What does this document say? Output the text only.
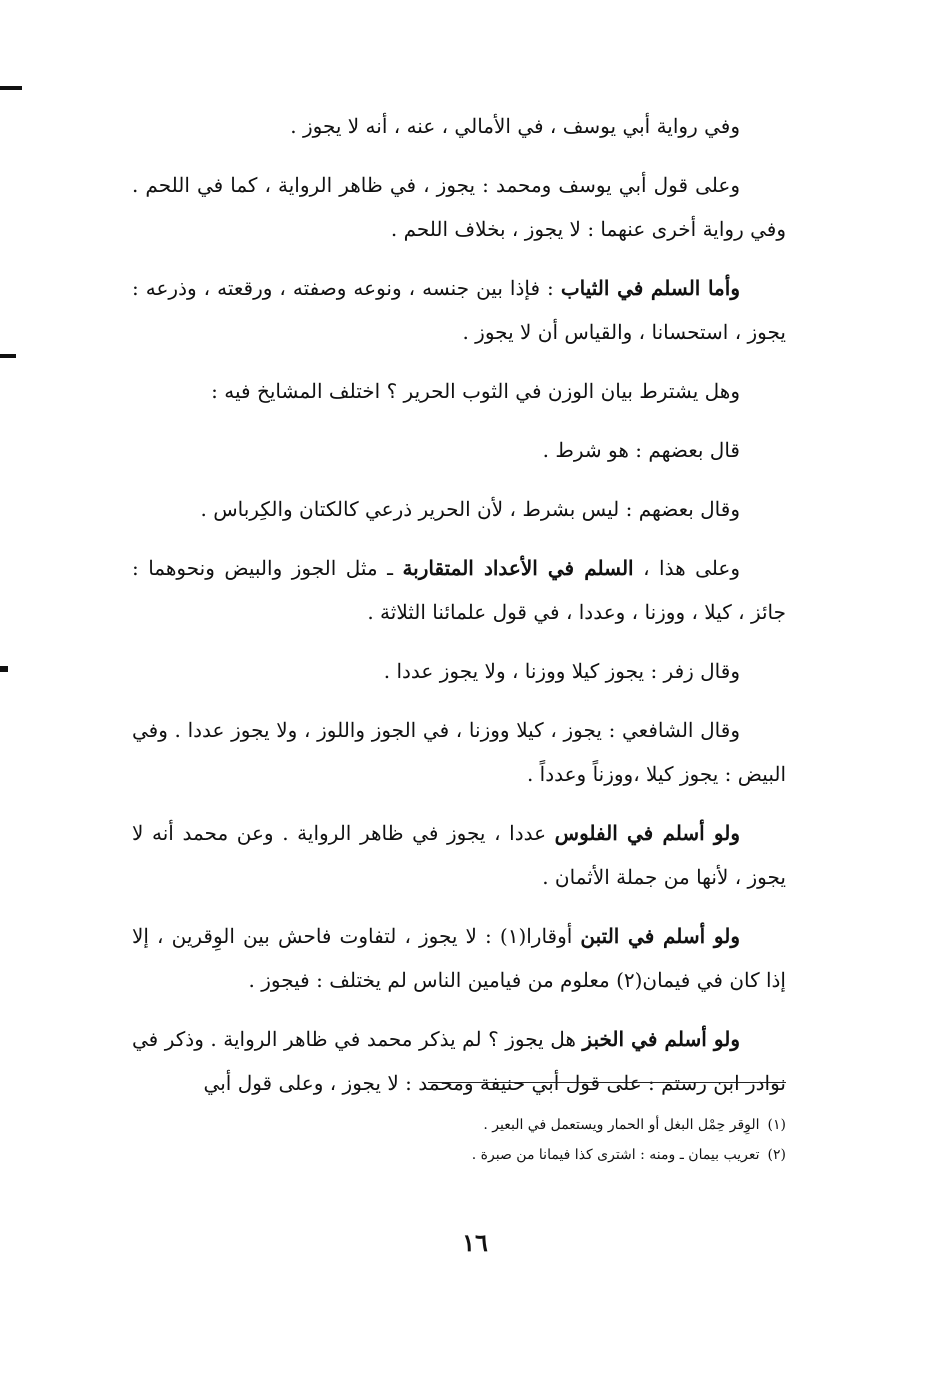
وفي رواية أبي يوسف ، في الأمالي ، عنه ، أنه لا يجوز .

وعلى قول أبي يوسف ومحمد : يجوز ، في ظاهر الرواية ، كما في اللحم . وفي رواية أخرى عنهما : لا يجوز ، بخلاف اللحم .

وأما السلم في الثياب : فإذا بين جنسه ، ونوعه وصفته ، ورقعته ، وذرعه : يجوز ، استحسانا ، والقياس أن لا يجوز .

وهل يشترط بيان الوزن في الثوب الحرير ؟ اختلف المشايخ فيه :

قال بعضهم : هو شرط .

وقال بعضهم : ليس بشرط ، لأن الحرير ذرعي كالكتان والكِرباس .

وعلى هذا ، السلم في الأعداد المتقاربة ـ مثل الجوز والبيض ونحوهما : جائز ، كيلا ، ووزنا ، وعددا ، في قول علمائنا الثلاثة .

وقال زفر : يجوز كيلا ووزنا ، ولا يجوز عددا .

وقال الشافعي : يجوز ، كيلا ووزنا ، في الجوز واللوز ، ولا يجوز عددا . وفي البيض : يجوز كيلا ،ووزناً وعدداً .

ولو أسلم في الفلوس عددا ، يجوز في ظاهر الرواية . وعن محمد أنه لا يجوز ، لأنها من جملة الأثمان .

ولو أسلم في التبن أوقارا(١) : لا يجوز ، لتفاوت فاحش بين الوِقرين ، إلا إذا كان في فيمان(٢) معلوم من فيامين الناس لم يختلف : فيجوز .

ولو أسلم في الخبز هل يجوز ؟ لم يذكر محمد في ظاهر الرواية . وذكر في نوادر ابن رستم : على قول أبي حنيفة ومحمد : لا يجوز ، وعلى قول أبي

(١)الوِقر حِمْل البغل أو الحمار ويستعمل في البعير .

(٢)تعريب بيمان ـ ومنه : اشترى كذا فيمانا من صبرة .

١٦
